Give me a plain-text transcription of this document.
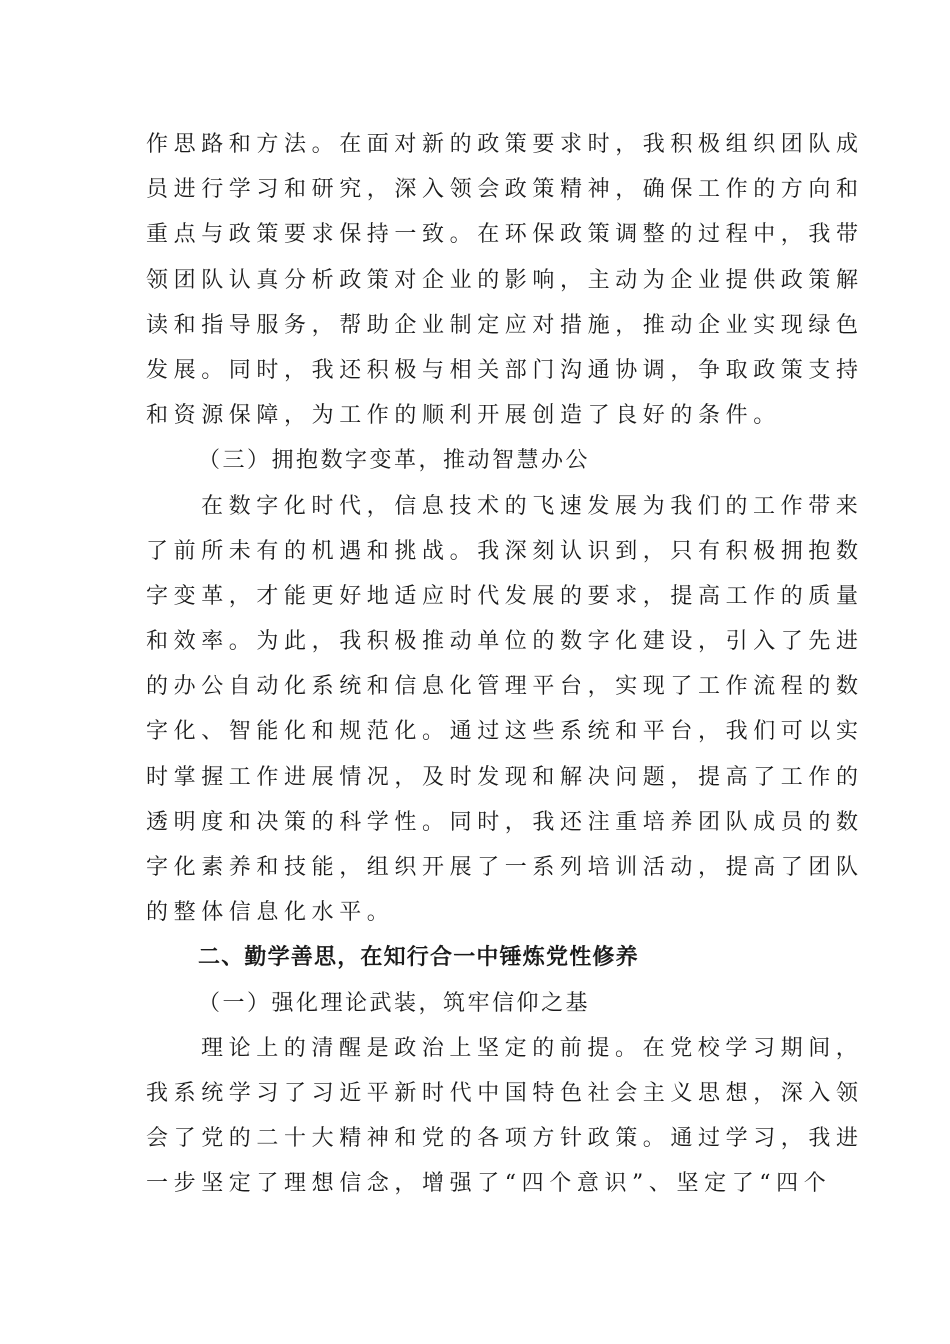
作思路和方法。在面对新的政策要求时，我积极组织团队成
员进行学习和研究，深入领会政策精神，确保工作的方向和
重点与政策要求保持一致。在环保政策调整的过程中，我带
领团队认真分析政策对企业的影响，主动为企业提供政策解
读和指导服务，帮助企业制定应对措施，推动企业实现绿色
发展。同时，我还积极与相关部门沟通协调，争取政策支持
和资源保障，为工作的顺利开展创造了良好的条件。
（三）拥抱数字变革，推动智慧办公
在数字化时代，信息技术的飞速发展为我们的工作带来
了前所未有的机遇和挑战。我深刻认识到，只有积极拥抱数
字变革，才能更好地适应时代发展的要求，提高工作的质量
和效率。为此，我积极推动单位的数字化建设，引入了先进
的办公自动化系统和信息化管理平台，实现了工作流程的数
字化、智能化和规范化。通过这些系统和平台，我们可以实
时掌握工作进展情况，及时发现和解决问题，提高了工作的
透明度和决策的科学性。同时，我还注重培养团队成员的数
字化素养和技能，组织开展了一系列培训活动，提高了团队
的整体信息化水平。
二、勤学善思，在知行合一中锤炼党性修养
（一）强化理论武装，筑牢信仰之基
理论上的清醒是政治上坚定的前提。在党校学习期间，
我系统学习了习近平新时代中国特色社会主义思想，深入领
会了党的二十大精神和党的各项方针政策。通过学习，我进
一步坚定了理想信念，增强了“四个意识”、坚定了“四个
